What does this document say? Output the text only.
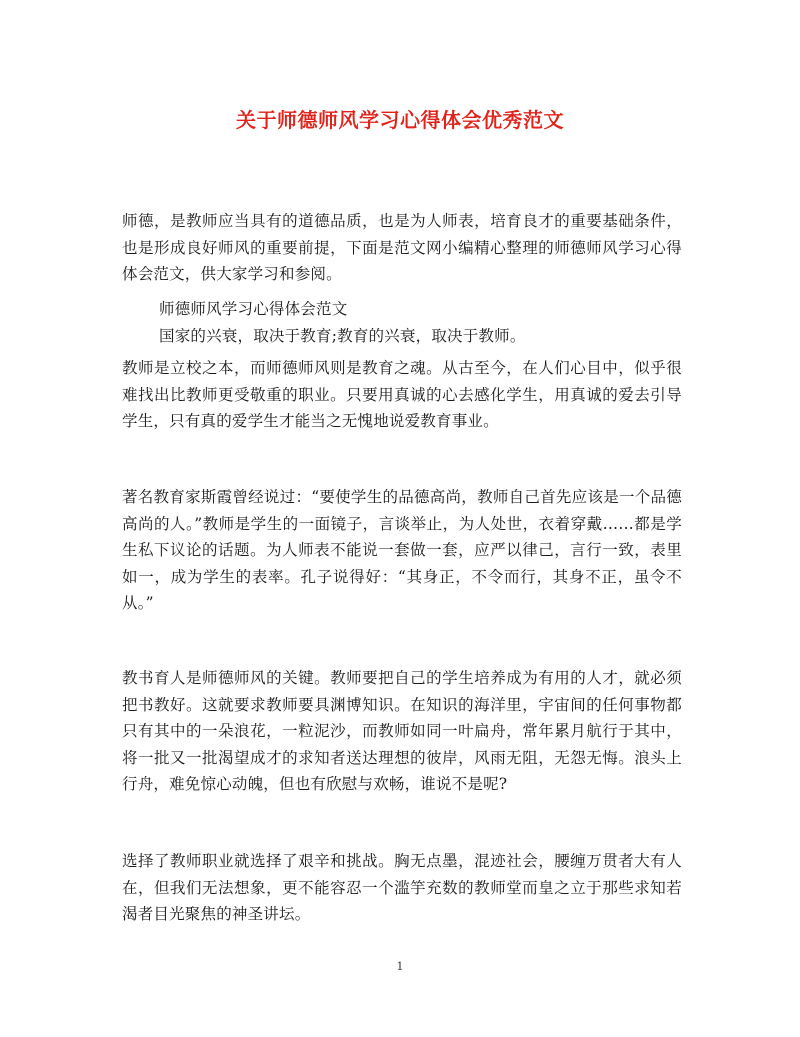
关于师德师风学习心得体会优秀范文
师德，是教师应当具有的道德品质，也是为人师表，培育良才的重要基础条件，也是形成良好师风的重要前提，下面是范文网小编精心整理的师德师风学习心得体会范文，供大家学习和参阅。
师德师风学习心得体会范文
国家的兴衰，取决于教育;教育的兴衰，取决于教师。
教师是立校之本，而师德师风则是教育之魂。从古至今，在人们心目中，似乎很难找出比教师更受敬重的职业。只要用真诚的心去感化学生，用真诚的爱去引导学生，只有真的爱学生才能当之无愧地说爱教育事业。
著名教育家斯霞曾经说过：“要使学生的品德高尚，教师自己首先应该是一个品德高尚的人。”教师是学生的一面镜子，言谈举止，为人处世，衣着穿戴……都是学生私下议论的话题。为人师表不能说一套做一套，应严以律己，言行一致，表里如一，成为学生的表率。孔子说得好：“其身正，不令而行，其身不正，虽令不从。”
教书育人是师德师风的关键。教师要把自己的学生培养成为有用的人才，就必须把书教好。这就要求教师要具渊博知识。在知识的海洋里，宇宙间的任何事物都只有其中的一朵浪花，一粒泥沙，而教师如同一叶扁舟，常年累月航行于其中，将一批又一批渴望成才的求知者送达理想的彼岸，风雨无阻，无怨无悔。浪头上行舟，难免惊心动魄，但也有欣慰与欢畅，谁说不是呢?
选择了教师职业就选择了艰辛和挑战。胸无点墨，混迹社会，腰缠万贯者大有人在，但我们无法想象，更不能容忍一个滥竽充数的教师堂而皇之立于那些求知若渴者目光聚焦的神圣讲坛。
1
